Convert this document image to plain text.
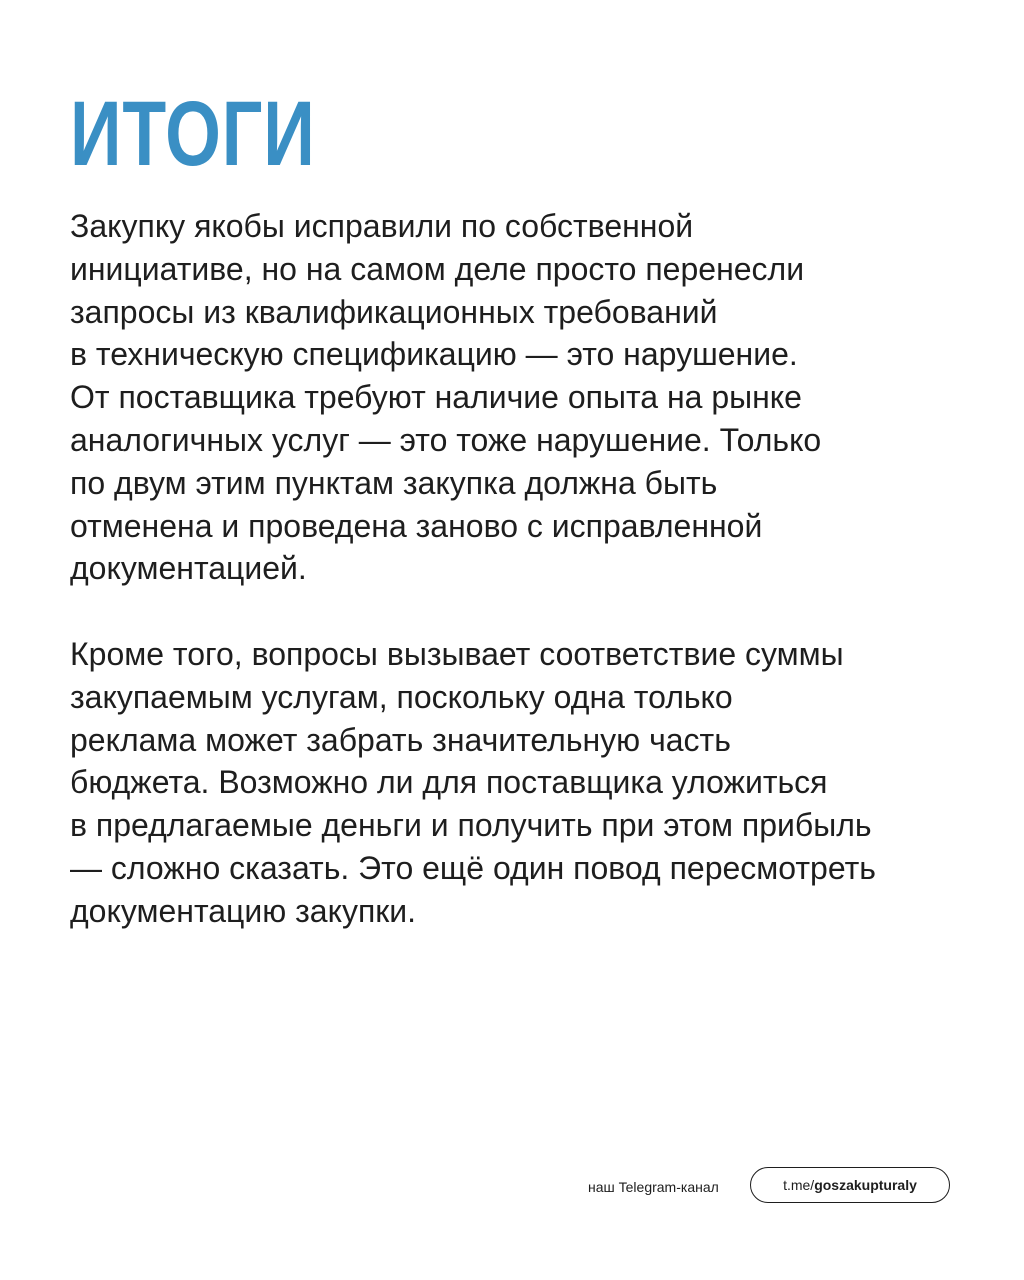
ИТОГИ

Закупку якобы исправили по собственной
инициативе, но на самом деле просто перенесли
запросы из квалификационных требований
в техническую спецификацию — это нарушение.
От поставщика требуют наличие опыта на рынке
аналогичных услуг — это тоже нарушение. Только
по двум этим пунктам закупка должна быть
отменена и проведена заново с исправленной
документацией.

Кроме того, вопросы вызывает соответствие суммы
закупаемым услугам, поскольку одна только
реклама может забрать значительную часть
бюджета. Возможно ли для поставщика уложиться
в предлагаемые деньги и получить при этом прибыль
— сложно сказать. Это ещё один повод пересмотреть
документацию закупки.

наш Telegram-канал	t.me/ goszakupturaly
